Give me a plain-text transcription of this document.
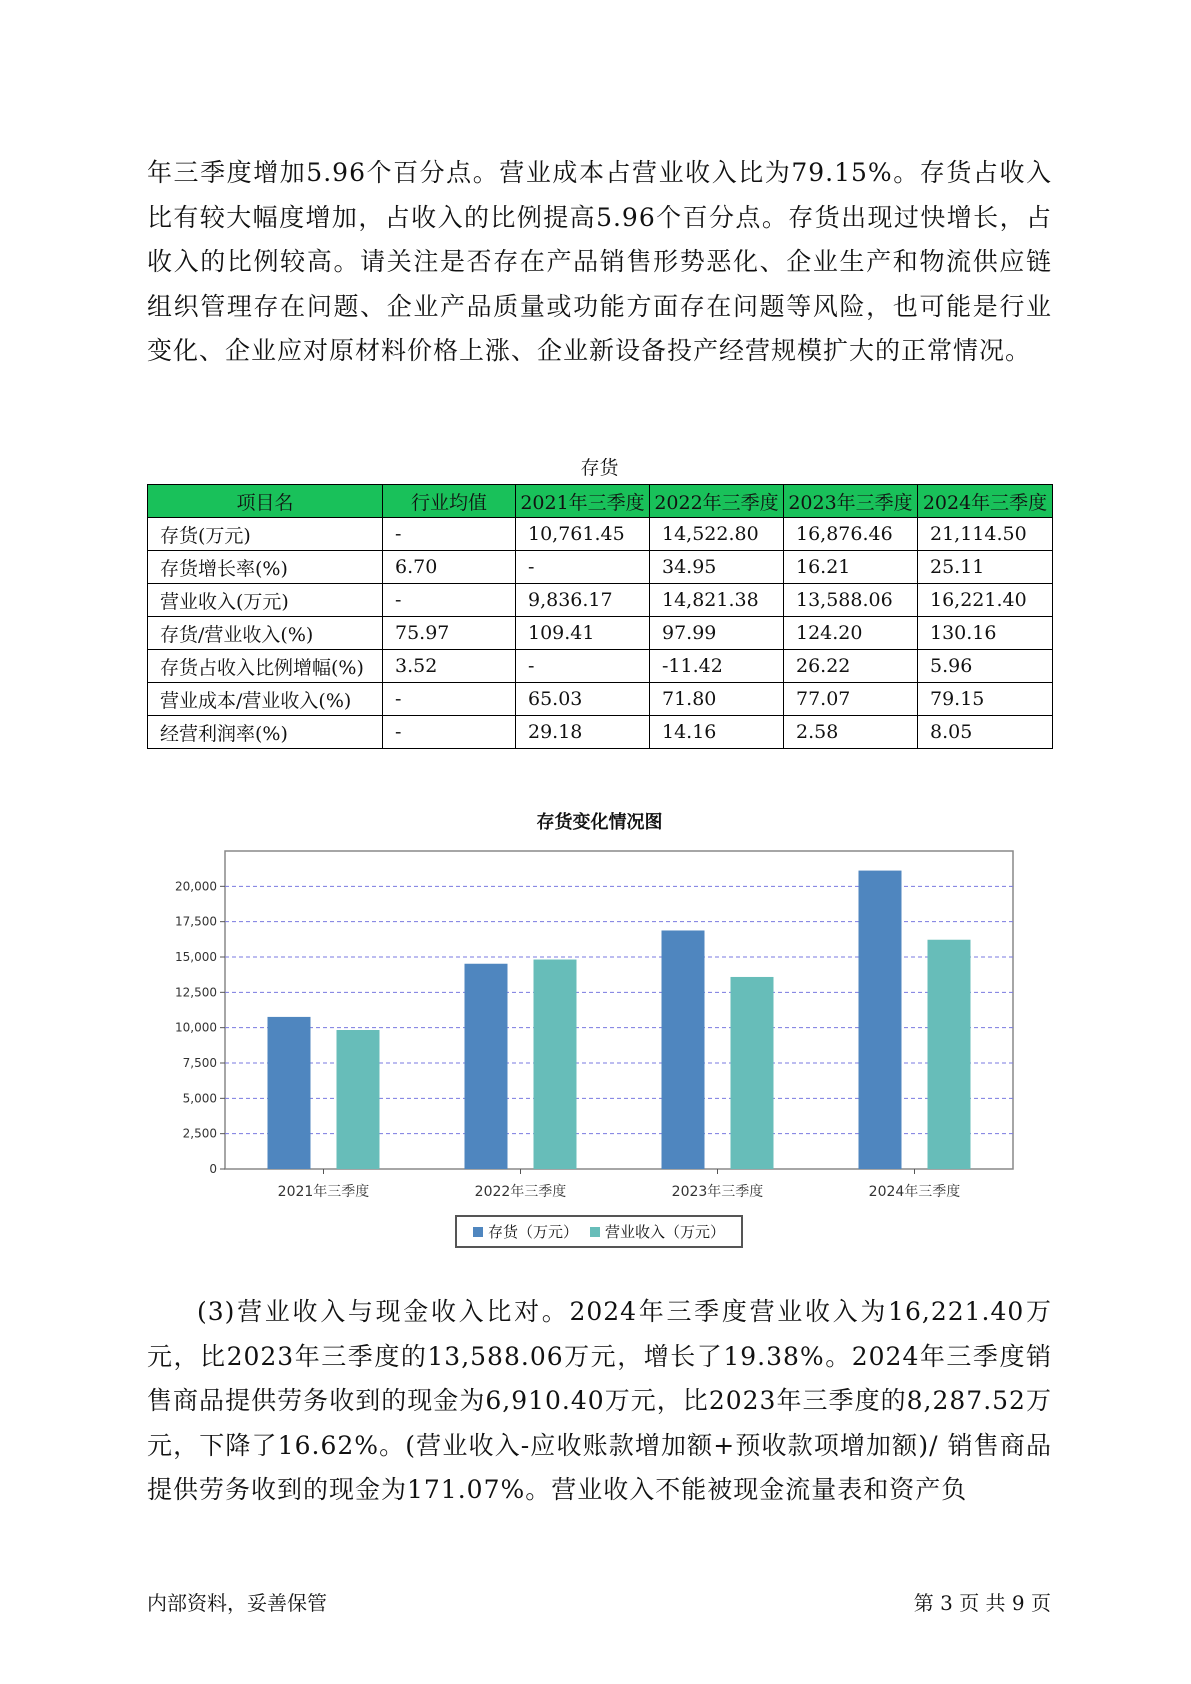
年三季度增加5.96个百分点。营业成本占营业收入比为79.15%。存货占收入比有较大幅度增加，占收入的比例提高5.96个百分点。存货出现过快增长，占收入的比例较高。请关注是否存在产品销售形势恶化、企业生产和物流供应链组织管理存在问题、企业产品质量或功能方面存在问题等风险，也可能是行业变化、企业应对原材料价格上涨、企业新设备投产经营规模扩大的正常情况。

存货
项目名	行业均值	2021年三季度	2022年三季度	2023年三季度	2024年三季度
存货(万元)	-	10,761.45	14,522.80	16,876.46	21,114.50
存货增长率(%)	6.70	-	34.95	16.21	25.11
营业收入(万元)	-	9,836.17	14,821.38	13,588.06	16,221.40
存货/营业收入(%)	75.97	109.41	97.99	124.20	130.16
存货占收入比例增幅(%)	3.52	-	-11.42	26.22	5.96
营业成本/营业收入(%)	-	65.03	71.80	77.07	79.15
经营利润率(%)	-	29.18	14.16	2.58	8.05
存货变化情况图
0
2,500
5,000
7,500
10,000
12,500
15,000
17,500
20,000
2021年三季度	2022年三季度	2023年三季度	2024年三季度
存货（万元） 营业收入（万元）

(3)营业收入与现金收入比对。2024年三季度营业收入为16,221.40万元，比2023年三季度的13,588.06万元，增长了19.38%。2024年三季度销售商品提供劳务收到的现金为6,910.40万元，比2023年三季度的8,287.52万元，下降了16.62%。(营业收入-应收账款增加额+预收款项增加额)/ 销售商品提供劳务收到的现金为171.07%。营业收入不能被现金流量表和资产负

内部资料，妥善保管	第 3 页 共 9 页
